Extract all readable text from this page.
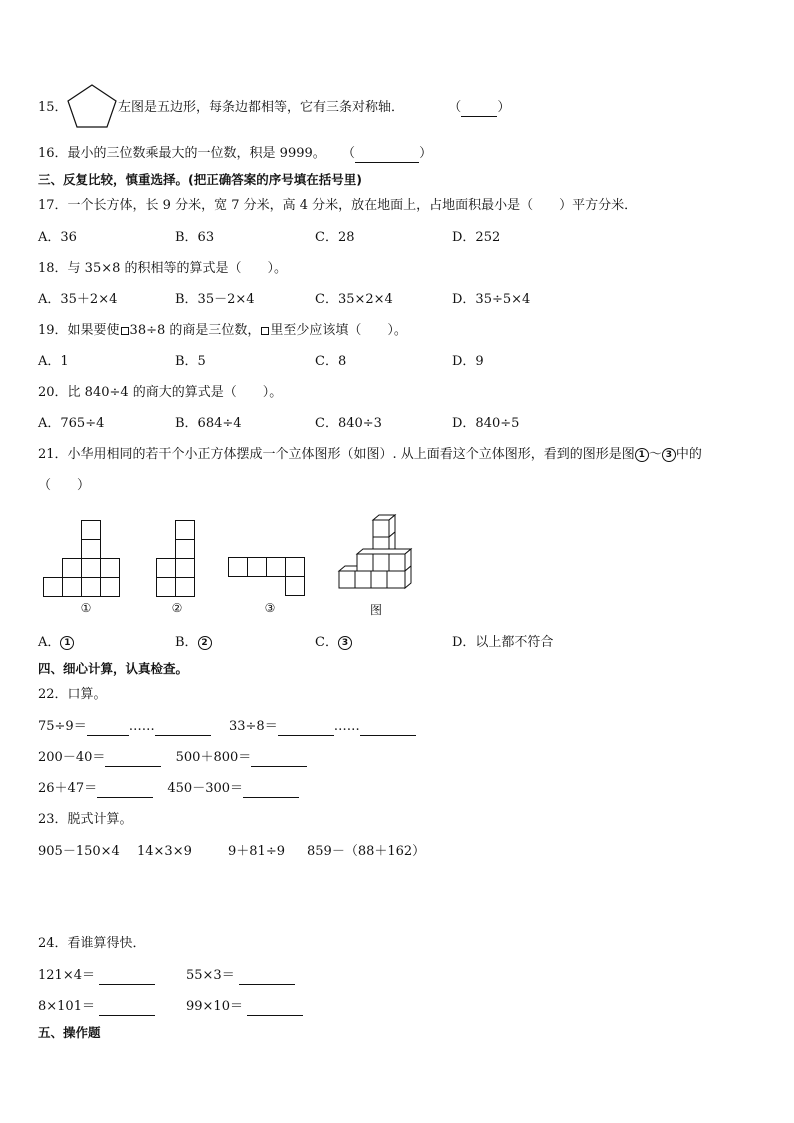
15．	左图是五边形，每条边都相等，它有三条对称轴．	（	）
16．最小的三位数乘最大的一位数，积是 9999。 （	）
三、反复比较，慎重选择。(把正确答案的序号填在括号里)
17．一个长方体，长 9 分米，宽 7 分米，高 4 分米，放在地面上，占地面积最小是（　　）平方分米．
A．36	B．63	C．28	D．252
18．与 35×8 的积相等的算式是（　　）。
A．35＋2×4	B．35－2×4	C．35×2×4	D．35÷5×4
19．如果要使 38÷8 的商是三位数， 里至少应该填（　　）。
A．1	B．5	C．8	D．9
20．比 840÷4 的商大的算式是（　　）。
A．765÷4	B．684÷4	C．840÷3	D．840÷5
21．小华用相同的若干个小正方体摆成一个立体图形（如图）. 从上面看这个立体图形，看到的图形是图 1 ～ 3 中的
（　　）
①	②	③	图
A． 1	B． 2	C． 3	D．以上都不符合
四、细心计算，认真检查。
22．口算。
75÷9＝	……	33÷8＝	……
200－40＝	500＋800＝
26＋47＝	450－300＝
23．脱式计算。
905－150×4 14×3×9	9＋81÷9 859－（88＋162）
24．看谁算得快．
121×4＝	55×3＝
8×101＝	99×10＝
五、操作题
